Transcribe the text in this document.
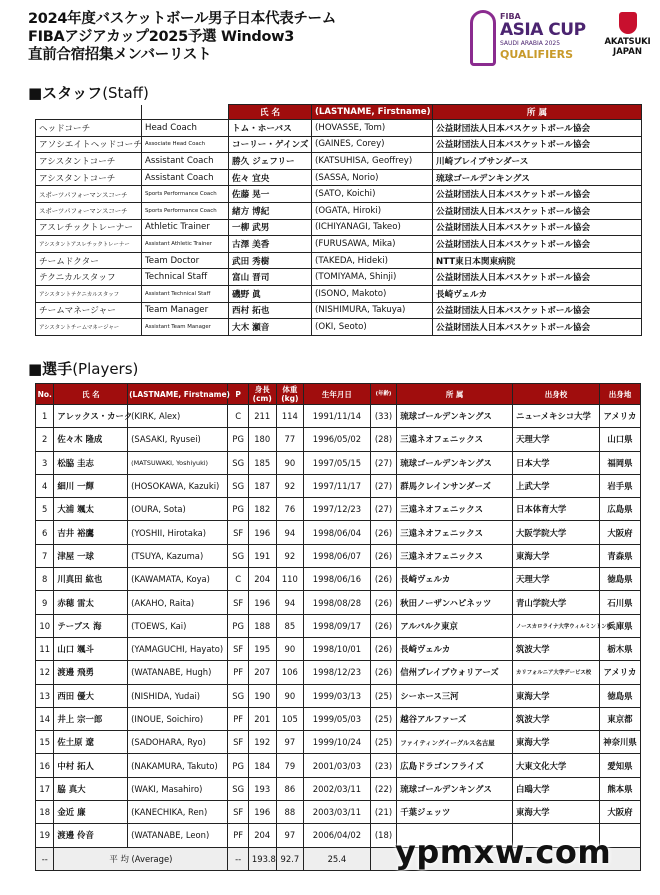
2024年度バスケットボール男子日本代表チーム
FIBAアジアカップ2025予選 Window3
直前合宿招集メンバーリスト
FIBA
ASIA CUP
SAUDI ARABIA 2025
QUALIFIERS
AKATSUKI
JAPAN
■スタッフ(Staff)
		氏 名	(LASTNAME, Firstname)	所 属
ヘッドコーチ	Head Coach	トム・ホーバス	(HOVASSE, Tom)	公益財団法人日本バスケットボール協会
アソシエイトヘッドコーチ	Associate Head Coach	コーリー・ゲインズ	(GAINES, Corey)	公益財団法人日本バスケットボール協会
アシスタントコーチ	Assistant Coach	勝久 ジェフリー	(KATSUHISA, Geoffrey)	川崎ブレイブサンダース
アシスタントコーチ	Assistant Coach	佐々 宜央	(SASSA, Norio)	琉球ゴールデンキングス
スポーツパフォーマンスコーチ	Sports Performance Coach	佐藤 晃一	(SATO, Koichi)	公益財団法人日本バスケットボール協会
スポーツパフォーマンスコーチ	Sports Performance Coach	緒方 博紀	(OGATA, Hiroki)	公益財団法人日本バスケットボール協会
アスレチックトレーナー	Athletic Trainer	一柳 武男	(ICHIYANAGI, Takeo)	公益財団法人日本バスケットボール協会
アシスタントアスレチックトレーナー	Assistant Athletic Trainer	古澤 美香	(FURUSAWA, Mika)	公益財団法人日本バスケットボール協会
チームドクター	Team Doctor	武田 秀樹	(TAKEDA, Hideki)	NTT東日本関東病院
テクニカルスタッフ	Technical Staff	富山 晋司	(TOMIYAMA, Shinji)	公益財団法人日本バスケットボール協会
アシスタントテクニカルスタッフ	Assistant Technical Staff	磯野 眞	(ISONO, Makoto)	長崎ヴェルカ
チームマネージャー	Team Manager	西村 拓也	(NISHIMURA, Takuya)	公益財団法人日本バスケットボール協会
アシスタントチームマネージャー	Assistant Team Manager	大木 瀬音	(OKI, Seoto)	公益財団法人日本バスケットボール協会
■選手(Players)
No.	氏 名	(LASTNAME, Firstname)	P	身長 (cm)	体重 (kg)	生年月日	(年齢)	所 属	出身校	出身地
1	アレックス・カーク	(KIRK, Alex)	C	211	114	1991/11/14	(33)	琉球ゴールデンキングス	ニューメキシコ大学	アメリカ
2	佐々木 隆成	(SASAKI, Ryusei)	PG	180	77	1996/05/02	(28)	三遠ネオフェニックス	天理大学	山口県
3	松脇 圭志	(MATSUWAKI, Yoshiyuki)	SG	185	90	1997/05/15	(27)	琉球ゴールデンキングス	日本大学	福岡県
4	細川 一輝	(HOSOKAWA, Kazuki)	SG	187	92	1997/11/17	(27)	群馬クレインサンダーズ	上武大学	岩手県
5	大浦 颯太	(OURA, Sota)	PG	182	76	1997/12/23	(27)	三遠ネオフェニックス	日本体育大学	広島県
6	吉井 裕鷹	(YOSHII, Hirotaka)	SF	196	94	1998/06/04	(26)	三遠ネオフェニックス	大阪学院大学	大阪府
7	津屋 一球	(TSUYA, Kazuma)	SG	191	92	1998/06/07	(26)	三遠ネオフェニックス	東海大学	青森県
8	川真田 紘也	(KAWAMATA, Koya)	C	204	110	1998/06/16	(26)	長崎ヴェルカ	天理大学	徳島県
9	赤穂 雷太	(AKAHO, Raita)	SF	196	94	1998/08/28	(26)	秋田ノーザンハピネッツ	青山学院大学	石川県
10	テーブス 海	(TOEWS, Kai)	PG	188	85	1998/09/17	(26)	アルバルク東京	ノースカロライナ大学ウィルミントン校	兵庫県
11	山口 颯斗	(YAMAGUCHI, Hayato)	SF	195	90	1998/10/01	(26)	長崎ヴェルカ	筑波大学	栃木県
12	渡邊 飛勇	(WATANABE, Hugh)	PF	207	106	1998/12/23	(26)	信州ブレイブウォリアーズ	カリフォルニア大学デービス校	アメリカ
13	西田 優大	(NISHIDA, Yudai)	SG	190	90	1999/03/13	(25)	シーホース三河	東海大学	徳島県
14	井上 宗一郎	(INOUE, Soichiro)	PF	201	105	1999/05/03	(25)	越谷アルファーズ	筑波大学	東京都
15	佐土原 遼	(SADOHARA, Ryo)	SF	192	97	1999/10/24	(25)	ファイティングイーグルス名古屋	東海大学	神奈川県
16	中村 拓人	(NAKAMURA, Takuto)	PG	184	79	2001/03/03	(23)	広島ドラゴンフライズ	大東文化大学	愛知県
17	脇 真大	(WAKI, Masahiro)	SG	193	86	2002/03/11	(22)	琉球ゴールデンキングス	白鴎大学	熊本県
18	金近 廉	(KANECHIKA, Ren)	SF	196	88	2003/03/11	(21)	千葉ジェッツ	東海大学	大阪府
19	渡邊 伶音	(WATANABE, Leon)	PF	204	97	2006/04/02	(18)			
--	平 均 (Average)		--	193.8	92.7	25.4				ypmxw.com
